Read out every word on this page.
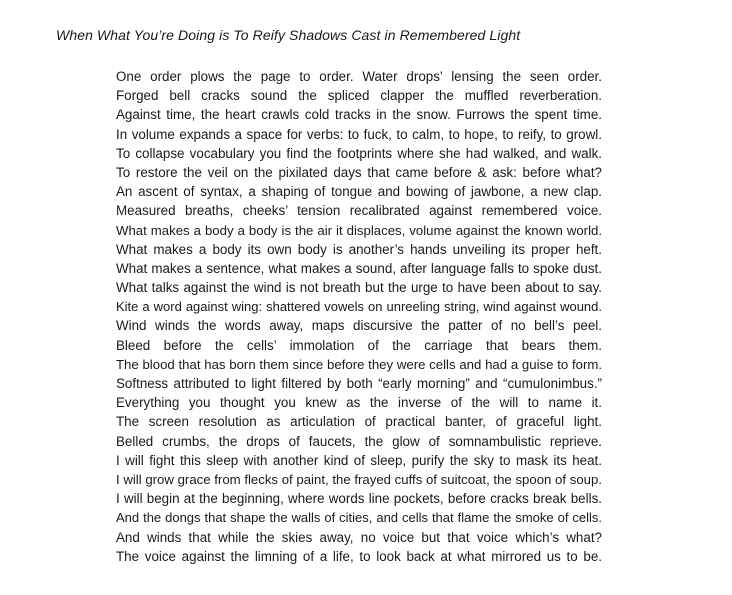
When What You’re Doing is To Reify Shadows Cast in Remembered Light
One order plows the page to order. Water drops’ lensing the seen order.
Forged bell cracks sound the spliced clapper the muffled reverberation.
Against time, the heart crawls cold tracks in the snow. Furrows the spent time.
In volume expands a space for verbs: to fuck, to calm, to hope, to reify, to growl.
To collapse vocabulary you find the footprints where she had walked, and walk.
To restore the veil on the pixilated days that came before & ask: before what?
An ascent of syntax, a shaping of tongue and bowing of jawbone, a new clap.
Measured breaths, cheeks’ tension recalibrated against remembered voice.
What makes a body a body is the air it displaces, volume against the known world.
What makes a body its own body is another’s hands unveiling its proper heft.
What makes a sentence, what makes a sound, after language falls to spoke dust.
What talks against the wind is not breath but the urge to have been about to say.
Kite a word against wing: shattered vowels on unreeling string, wind against wound.
Wind winds the words away, maps discursive the patter of no bell’s peel.
Bleed before the cells’ immolation of the carriage that bears them.
The blood that has born them since before they were cells and had a guise to form.
Softness attributed to light filtered by both “early morning” and “cumulonimbus.”
Everything you thought you knew as the inverse of the will to name it.
The screen resolution as articulation of practical banter, of graceful light.
Belled crumbs, the drops of faucets, the glow of somnambulistic reprieve.
I will fight this sleep with another kind of sleep, purify the sky to mask its heat.
I will grow grace from flecks of paint, the frayed cuffs of suitcoat, the spoon of soup.
I will begin at the beginning, where words line pockets, before cracks break bells.
And the dongs that shape the walls of cities, and cells that flame the smoke of cells.
And winds that while the skies away, no voice but that voice which’s what?
The voice against the limning of a life, to look back at what mirrored us to be.
